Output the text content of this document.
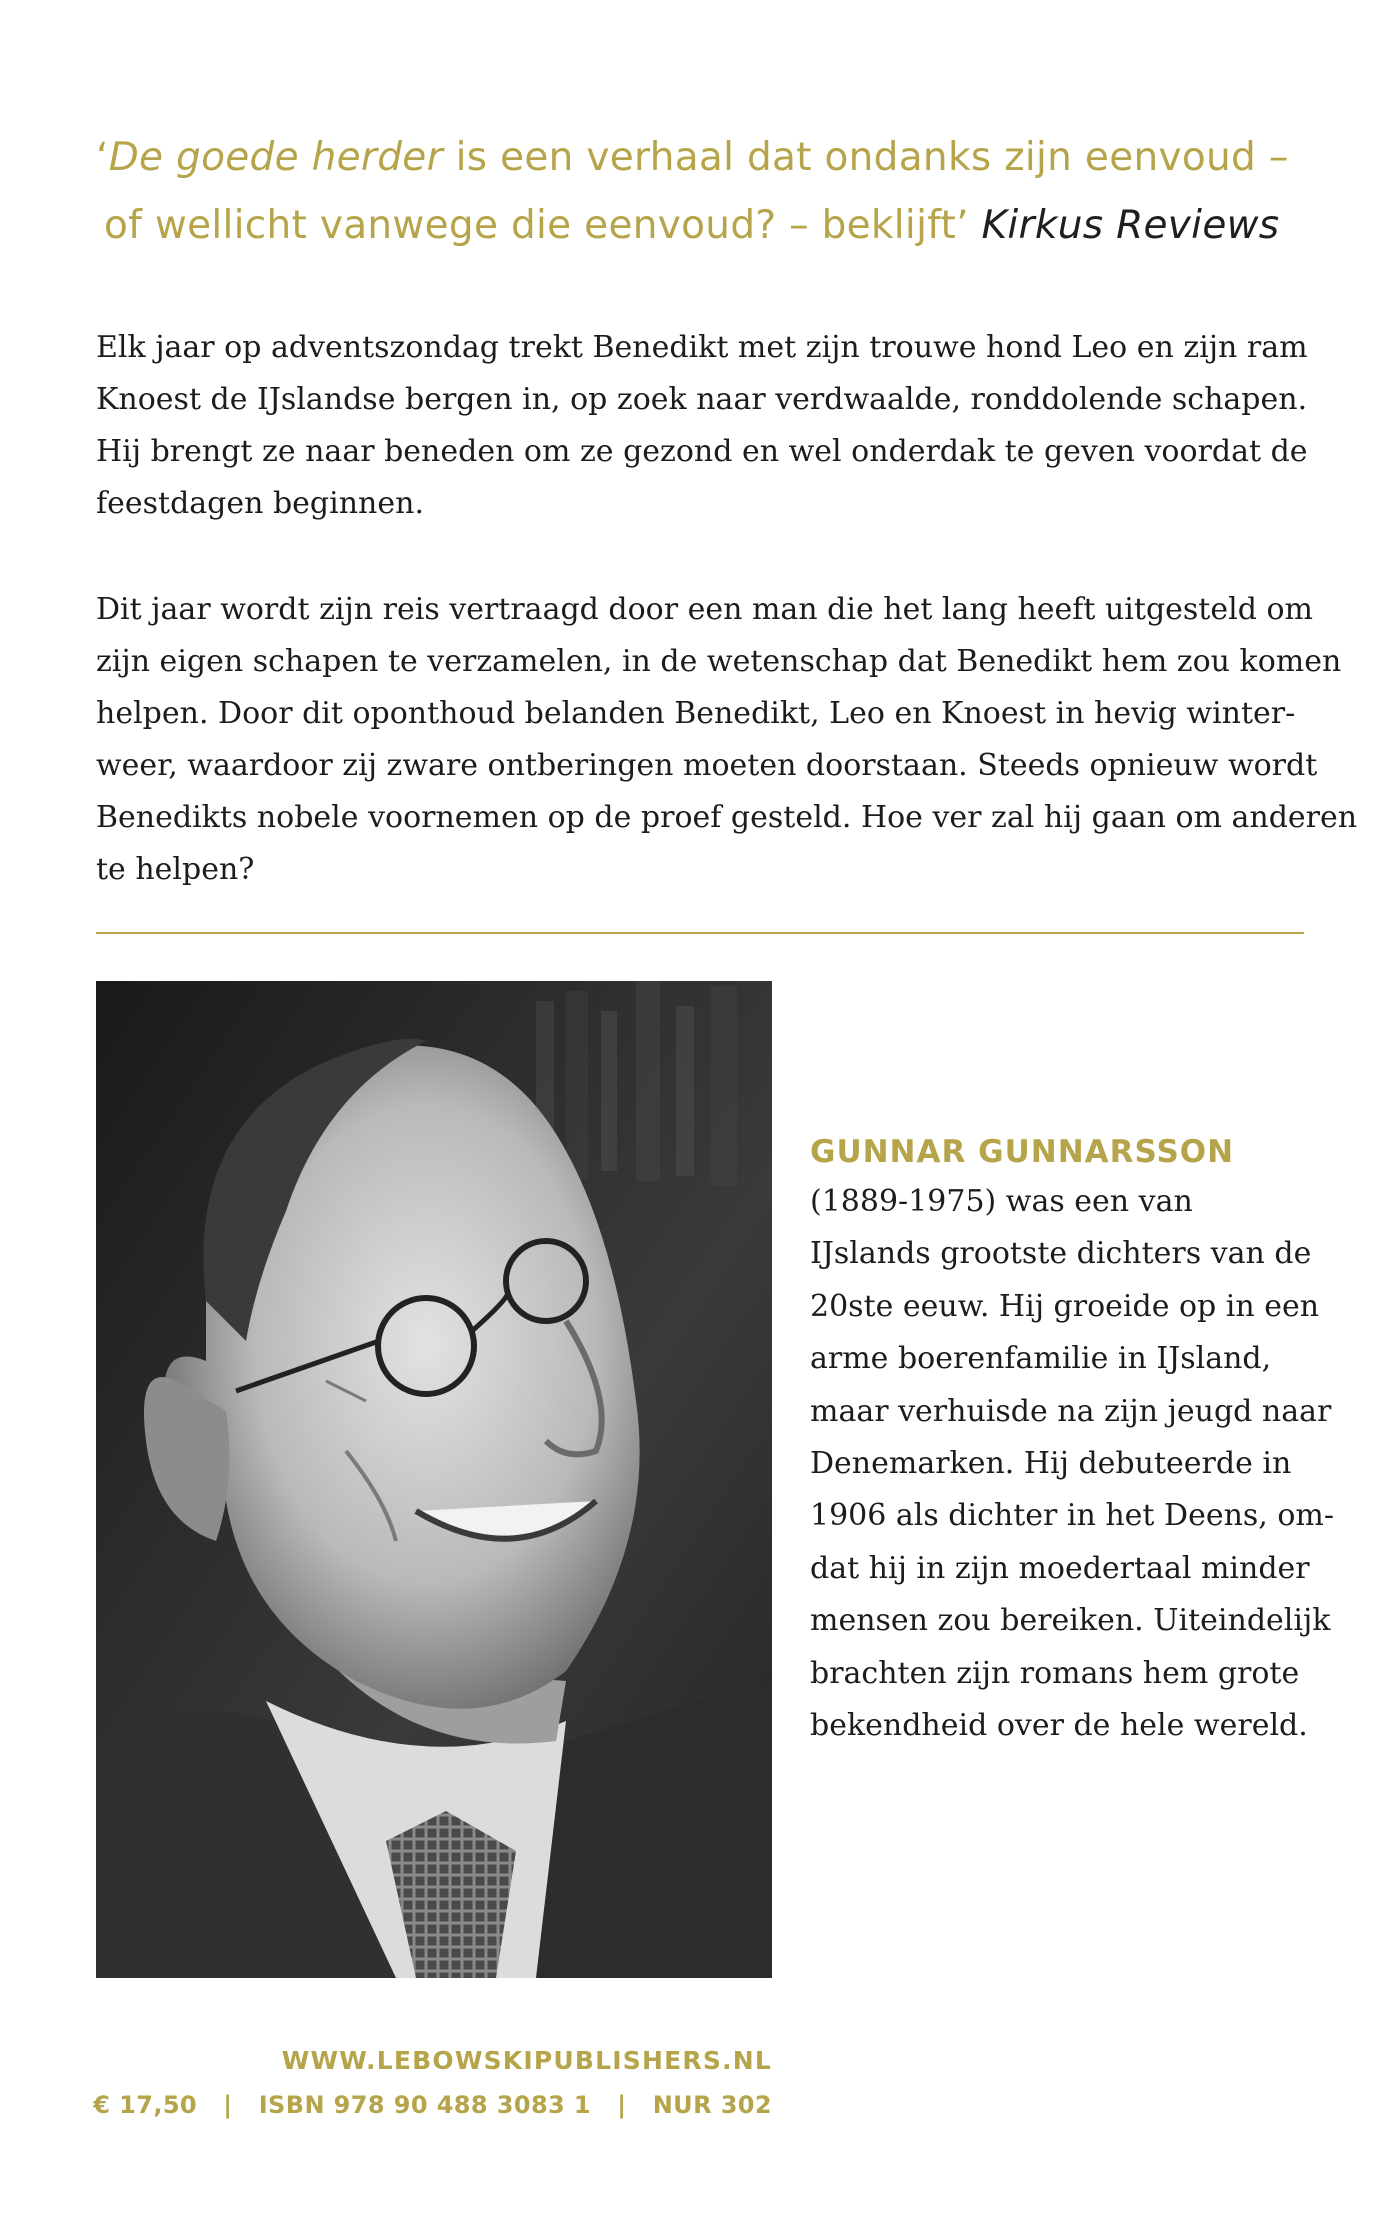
‘De goede herder is een verhaal dat ondanks zijn eenvoud –
of wellicht vanwege die eenvoud? – beklijft’ Kirkus Reviews
Elk jaar op adventszondag trekt Benedikt met zijn trouwe hond Leo en zijn ram
Knoest de IJslandse bergen in, op zoek naar verdwaalde, ronddolende schapen.
Hij brengt ze naar beneden om ze gezond en wel onderdak te geven voordat de
feestdagen beginnen.
Dit jaar wordt zijn reis vertraagd door een man die het lang heeft uitgesteld om
zijn eigen schapen te verzamelen, in de wetenschap dat Benedikt hem zou komen
helpen. Door dit oponthoud belanden Benedikt, Leo en Knoest in hevig winter-
weer, waardoor zij zware ontberingen moeten doorstaan. Steeds opnieuw wordt
Benedikts nobele voornemen op de proef gesteld. Hoe ver zal hij gaan om anderen
te helpen?
GUNNAR GUNNARSSON
(1889-1975) was een van
IJslands grootste dichters van de
20ste eeuw. Hij groeide op in een
arme boerenfamilie in IJsland,
maar verhuisde na zijn jeugd naar
Denemarken. Hij debuteerde in
1906 als dichter in het Deens, om-
dat hij in zijn moedertaal minder
mensen zou bereiken. Uiteindelijk
brachten zijn romans hem grote
bekendheid over de hele wereld.
WWW.LEBOWSKIPUBLISHERS.NL
€ 17,50   |   ISBN 978 90 488 3083 1   |   NUR 302
